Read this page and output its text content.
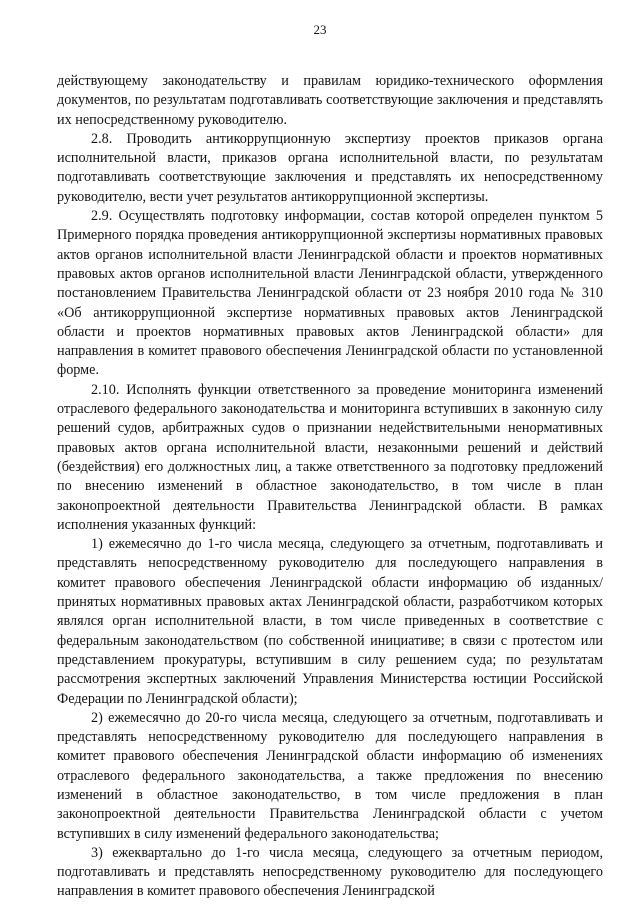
23

действующему законодательству и правилам юридико-технического оформления документов, по результатам подготавливать соответствующие заключения и представлять их непосредственному руководителю.

2.8. Проводить антикоррупционную экспертизу проектов приказов органа исполнительной власти, приказов органа исполнительной власти, по результатам подготавливать соответствующие заключения и представлять их непосредственному руководителю, вести учет результатов антикоррупционной экспертизы.

2.9. Осуществлять подготовку информации, состав которой определен пунктом 5 Примерного порядка проведения антикоррупционной экспертизы нормативных правовых актов органов исполнительной власти Ленинградской области и проектов нормативных правовых актов органов исполнительной власти Ленинградской области, утвержденного постановлением Правительства Ленинградской области от 23 ноября 2010 года № 310 «Об антикоррупционной экспертизе нормативных правовых актов Ленинградской области и проектов нормативных правовых актов Ленинградской области» для направления в комитет правового обеспечения Ленинградской области по установленной форме.

2.10. Исполнять функции ответственного за проведение мониторинга изменений отраслевого федерального законодательства и мониторинга вступивших в законную силу решений судов, арбитражных судов о признании недействительными ненормативных правовых актов органа исполнительной власти, незаконными решений и действий (бездействия) его должностных лиц, а также ответственного за подготовку предложений по внесению изменений в областное законодательство, в том числе в план законопроектной деятельности Правительства Ленинградской области. В рамках исполнения указанных функций:

1) ежемесячно до 1-го числа месяца, следующего за отчетным, подготавливать и представлять непосредственному руководителю для последующего направления в комитет правового обеспечения Ленинградской области информацию об изданных/принятых нормативных правовых актах Ленинградской области, разработчиком которых являлся орган исполнительной власти, в том числе приведенных в соответствие с федеральным законодательством (по собственной инициативе; в связи с протестом или представлением прокуратуры, вступившим в силу решением суда; по результатам рассмотрения экспертных заключений Управления Министерства юстиции Российской Федерации по Ленинградской области);

2) ежемесячно до 20-го числа месяца, следующего за отчетным, подготавливать и представлять непосредственному руководителю для последующего направления в комитет правового обеспечения Ленинградской области информацию об изменениях отраслевого федерального законодательства, а также предложения по внесению изменений в областное законодательство, в том числе предложения в план законопроектной деятельности Правительства Ленинградской области с учетом вступивших в силу изменений федерального законодательства;

3) ежеквартально до 1-го числа месяца, следующего за отчетным периодом, подготавливать и представлять непосредственному руководителю для последующего направления в комитет правового обеспечения Ленинградской
